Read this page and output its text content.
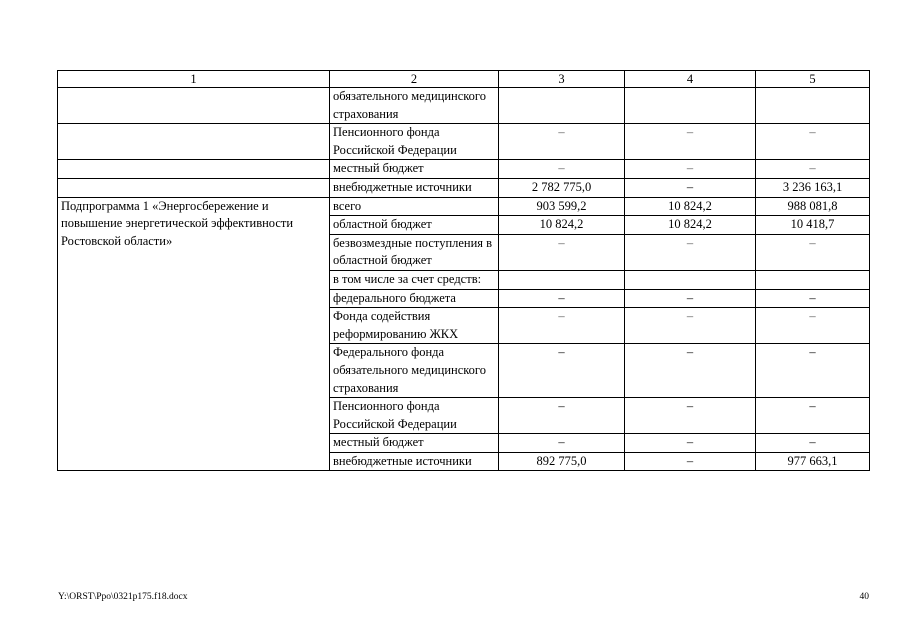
1	2	3	4	5
	обязательного медицинского страхования			
	Пенсионного фонда Российской Федерации	–	–	–
	местный бюджет	–	–	–
	внебюджетные источники	2 782 775,0	–	3 236 163,1
Подпрограмма 1 «Энергосбережение и повышение энергетической эффективности Ростовской области»	всего	903 599,2	10 824,2	988 081,8
	областной бюджет	10 824,2	10 824,2	10 418,7
	безвозмездные поступления в областной бюджет	–	–	–
	в том числе за счет средств:			
	федерального бюджета	–	–	–
	Фонда содействия реформированию ЖКХ	–	–	–
	Федерального фонда обязательного медицинского страхования	–	–	–
	Пенсионного фонда Российской Федерации	–	–	–
	местный бюджет	–	–	–
	внебюджетные источники	892 775,0	–	977 663,1
Y:\ORST\Ppo\0321p175.f18.docx	40
